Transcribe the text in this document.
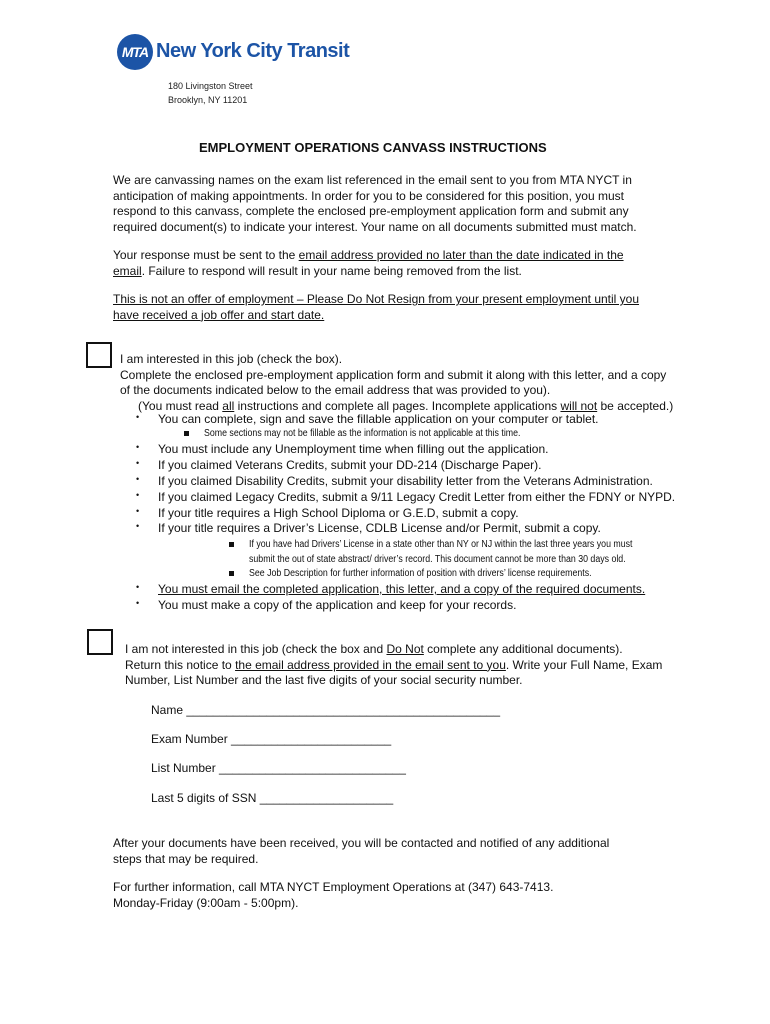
MTA New York City Transit
180 Livingston Street
Brooklyn, NY 11201
EMPLOYMENT OPERATIONS CANVASS INSTRUCTIONS

We are canvassing names on the exam list referenced in the email sent to you from MTA NYCT in

anticipation of making appointments. In order for you to be considered for this position, you must

respond to this canvass, complete the enclosed pre-employment application form and submit any

required document(s) to indicate your interest. Your name on all documents submitted must match.

Your response must be sent to the email address provided no later than the date indicated in the

email. Failure to respond will result in your name being removed from the list.

This is not an offer of employment – Please Do Not Resign from your present employment until you

have received a job offer and start date.

I am interested in this job (check the box).

Complete the enclosed pre-employment application form and submit it along with this letter, and a copy

of the documents indicated below to the email address that was provided to you).

(You must read all instructions and complete all pages. Incomplete applications will not be accepted.)

• You can complete, sign and save the fillable application on your computer or tablet.
Some sections may not be fillable as the information is not applicable at this time.
• You must include any Unemployment time when filling out the application.
• If you claimed Veterans Credits, submit your DD-214 (Discharge Paper).
• If you claimed Disability Credits, submit your disability letter from the Veterans Administration.
• If you claimed Legacy Credits, submit a 9/11 Legacy Credit Letter from either the FDNY or NYPD.
• If your title requires a High School Diploma or G.E.D, submit a copy.
• If your title requires a Driver’s License, CDLB License and/or Permit, submit a copy.
If you have had Drivers’ License in a state other than NY or NJ within the last three years you must
submit the out of state abstract/ driver’s record. This document cannot be more than 30 days old.
See Job Description for further information of position with drivers’ license requirements.
• You must email the completed application, this letter, and a copy of the required documents.
• You must make a copy of the application and keep for your records.

I am not interested in this job (check the box and Do Not complete any additional documents).

Return this notice to the email address provided in the email sent to you. Write your Full Name, Exam

Number, List Number and the last five digits of your social security number.

Name _______________________________________________
Exam Number ________________________
List Number ____________________________
Last 5 digits of SSN ____________________

After your documents have been received, you will be contacted and notified of any additional

steps that may be required.

For further information, call MTA NYCT Employment Operations at (347) 643-7413.

Monday-Friday (9:00am - 5:00pm).
